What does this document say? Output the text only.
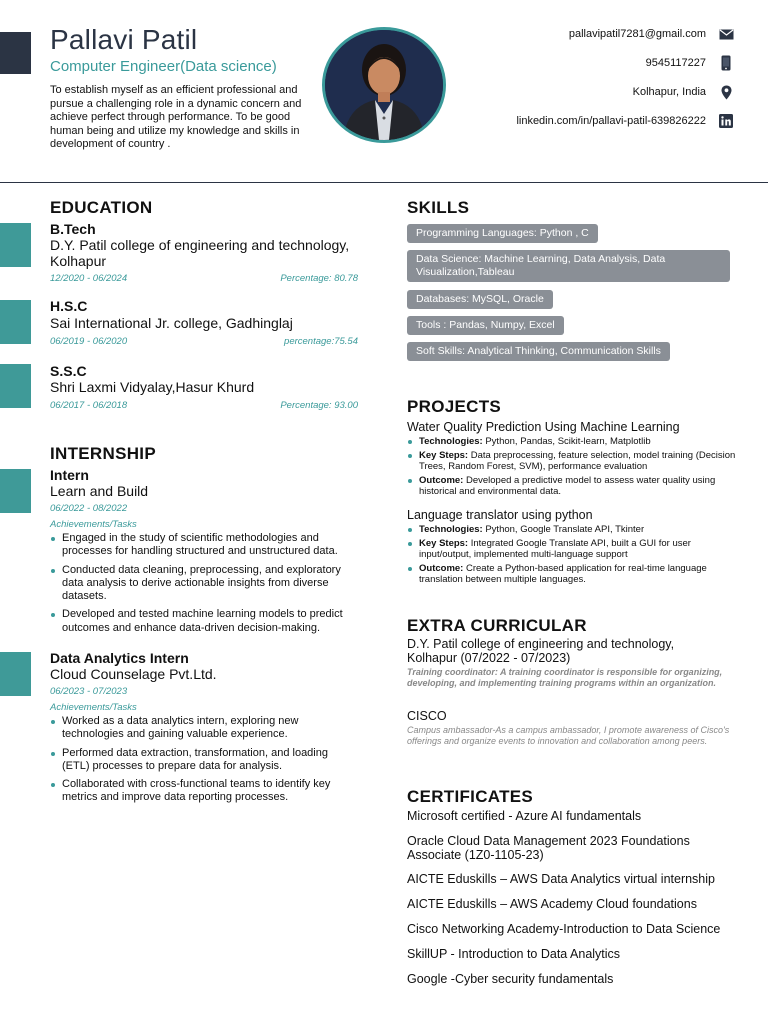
Pallavi Patil
Computer Engineer(Data science)
To establish myself as an efficient professional and pursue a challenging role in a dynamic concern and achieve perfect through performance. To be good human being and utilize my knowledge and skills in development of country .
pallavipatil7281@gmail.com
9545117227
Kolhapur, India
linkedin.com/in/pallavi-patil-639826222
EDUCATION
B.Tech
D.Y. Patil college of engineering and technology, Kolhapur
12/2020 - 06/2024	Percentage: 80.78
H.S.C
Sai International Jr. college, Gadhinglaj
06/2019 - 06/2020	percentage:75.54
S.S.C
Shri Laxmi Vidyalay,Hasur Khurd
06/2017 - 06/2018	Percentage: 93.00
INTERNSHIP
Intern
Learn and Build
06/2022 - 08/2022
Achievements/Tasks
Engaged in the study of scientific methodologies and processes for handling structured and unstructured data.
Conducted data cleaning, preprocessing, and exploratory data analysis to derive actionable insights from diverse datasets.
Developed and tested machine learning models to predict outcomes and enhance data-driven decision-making.
Data Analytics Intern
Cloud Counselage Pvt.Ltd.
06/2023 - 07/2023
Achievements/Tasks
Worked as a data analytics intern, exploring new technologies and gaining valuable experience.
Performed data extraction, transformation, and loading (ETL) processes to prepare data for analysis.
Collaborated with cross-functional teams to identify key metrics and improve data reporting processes.
SKILLS
Programming Languages: Python , C
Data Science: Machine Learning, Data Analysis, Data Visualization,Tableau
Databases: MySQL, Oracle
Tools : Pandas, Numpy, Excel
Soft Skills: Analytical Thinking, Communication Skills
PROJECTS
Water Quality Prediction Using Machine Learning
Technologies: Python, Pandas, Scikit-learn, Matplotlib
Key Steps: Data preprocessing, feature selection, model training (Decision Trees, Random Forest, SVM), performance evaluation
Outcome: Developed a predictive model to assess water quality using historical and environmental data.
Language translator using python
Technologies: Python, Google Translate API, Tkinter
Key Steps: Integrated Google Translate API, built a GUI for user input/output, implemented multi-language support
Outcome: Create a Python-based application for real-time language translation between multiple languages.
EXTRA CURRICULAR
D.Y. Patil college of engineering and technology, Kolhapur (07/2022 - 07/2023)
Training coordinator: A training coordinator is responsible for organizing, developing, and implementing training programs within an organization.
CISCO
Campus ambassador-As a campus ambassador, I promote awareness of Cisco's offerings and organize events to innovation and collaboration among peers.
CERTIFICATES
Microsoft certified - Azure AI fundamentals
Oracle Cloud Data Management 2023 Foundations Associate (1Z0-1105-23)
AICTE Eduskills – AWS Data Analytics virtual internship
AICTE Eduskills – AWS Academy Cloud foundations
Cisco Networking Academy-Introduction to Data Science
SkillUP - Introduction to Data Analytics
Google -Cyber security fundamentals
